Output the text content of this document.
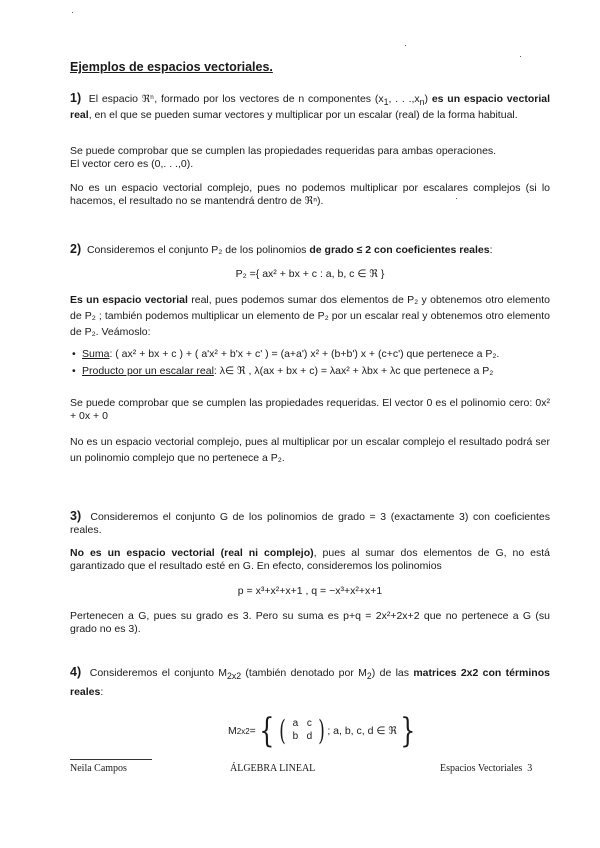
Ejemplos de espacios vectoriales.
1) El espacio ℜⁿ, formado por los vectores de n componentes ($x_1$, . . $.,x_n$) es un espacio vectorial real, en el que se pueden sumar vectores y multiplicar por un escalar (real) de la forma habitual.
Se puede comprobar que se cumplen las propiedades requeridas para ambas operaciones.
El vector cero es (0,. . .,0).
No es un espacio vectorial complejo, pues no podemos multiplicar por escalares complejos (si lo hacemos, el resultado no se mantendrá dentro de ℜⁿ).
2) Consideremos el conjunto P₂ de los polinomios de grado ≤ 2 con coeficientes reales:
P₂ ={ ax² + bx + c : a, b, c ∈ ℜ }
Es un espacio vectorial real, pues podemos sumar dos elementos de P₂ y obtenemos otro elemento de P₂ ; también podemos multiplicar un elemento de P₂ por un escalar real y obtenemos otro elemento de P₂. Veámoslo:
• Suma: ( ax² + bx + c ) + ( a'x² + b'x + c' ) = (a+a') x² + (b+b') x + (c+c') que pertenece a P₂.
• Producto por un escalar real: λ∈ ℜ , λ(ax + bx + c) = λax² + λbx + λc que pertenece a P₂
Se puede comprobar que se cumplen las propiedades requeridas. El vector 0 es el polinomio cero: 0x² + 0x + 0
No es un espacio vectorial complejo, pues al multiplicar por un escalar complejo el resultado podrá ser un polinomio complejo que no pertenece a P₂.
3) Consideremos el conjunto G de los polinomios de grado = 3 (exactamente 3) con coeficientes reales.
No es un espacio vectorial (real ni complejo), pues al sumar dos elementos de G, no está garantizado que el resultado esté en G. En efecto, consideremos los polinomios
p = x³+x²+x+1 , q = −x³+x²+x+1
Pertenecen a G, pues su grado es 3. Pero su suma es p+q = 2x²+2x+2 que no pertenece a G (su grado no es 3).
4) Consideremos el conjunto $M_{2x2}$ (también denotado por $M_2$) de las matrices 2x2 con términos reales:
M 2x2 = { ( a c
b d ) ; a, b, c, d ∈ ℜ }
Neila Campos	ÁLGEBRA LINEAL	Espacios Vectoriales 3
